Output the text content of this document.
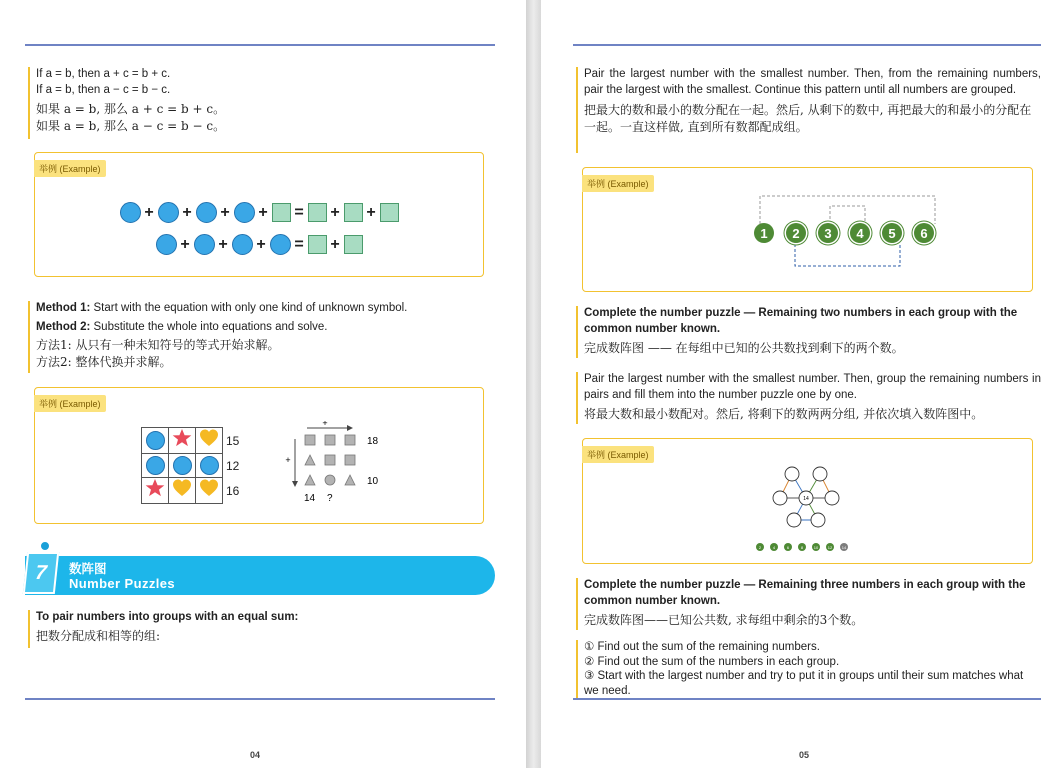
If a = b, then a + c = b + c.
If a = b, then a − c = b − c.
如果 a = b, 那么 a + c = b + c。
如果 a = b, 那么 a − c = b − c。
举例 (Example)
+ + + + = + +
+ + + = +
Method 1: Start with the equation with only one kind of unknown symbol.
Method 2: Substitute the whole into equations and solve.
方法1: 从只有一种未知符号的等式开始求解。
方法2: 整体代换并求解。
举例 (Example)
			15
			12
			16
+
+
18
10
14 ?
7	数阵图
Number Puzzles
To pair numbers into groups with an equal sum:
把数分配成和相等的组:
04
Pair the largest number with the smallest number. Then, from the remaining numbers, pair the largest with the smallest. Continue this pattern until all numbers are grouped.
把最大的数和最小的数分配在一起。然后, 从剩下的数中, 再把最大的和最小的分配在一起。一直这样做, 直到所有数都配成组。
举例 (Example)
1	2	3	4	5	6
Complete the number puzzle — Remaining two numbers in each group with the common number known.
完成数阵图 —— 在每组中已知的公共数找到剩下的两个数。
Pair the largest number with the smallest number. Then, group the remaining numbers in pairs and fill them into the number puzzle one by one.
将最大数和最小数配对。然后, 将剩下的数两两分组, 并依次填入数阵图中。
举例 (Example)
14
2	4	6	8	10	12	14
Complete the number puzzle — Remaining three numbers in each group with the common number known.
完成数阵图——已知公共数, 求每组中剩余的3个数。
① Find out the sum of the remaining numbers.
② Find out the sum of the numbers in each group.
③ Start with the largest number and try to put it in groups until their sum matches what we need.
05
